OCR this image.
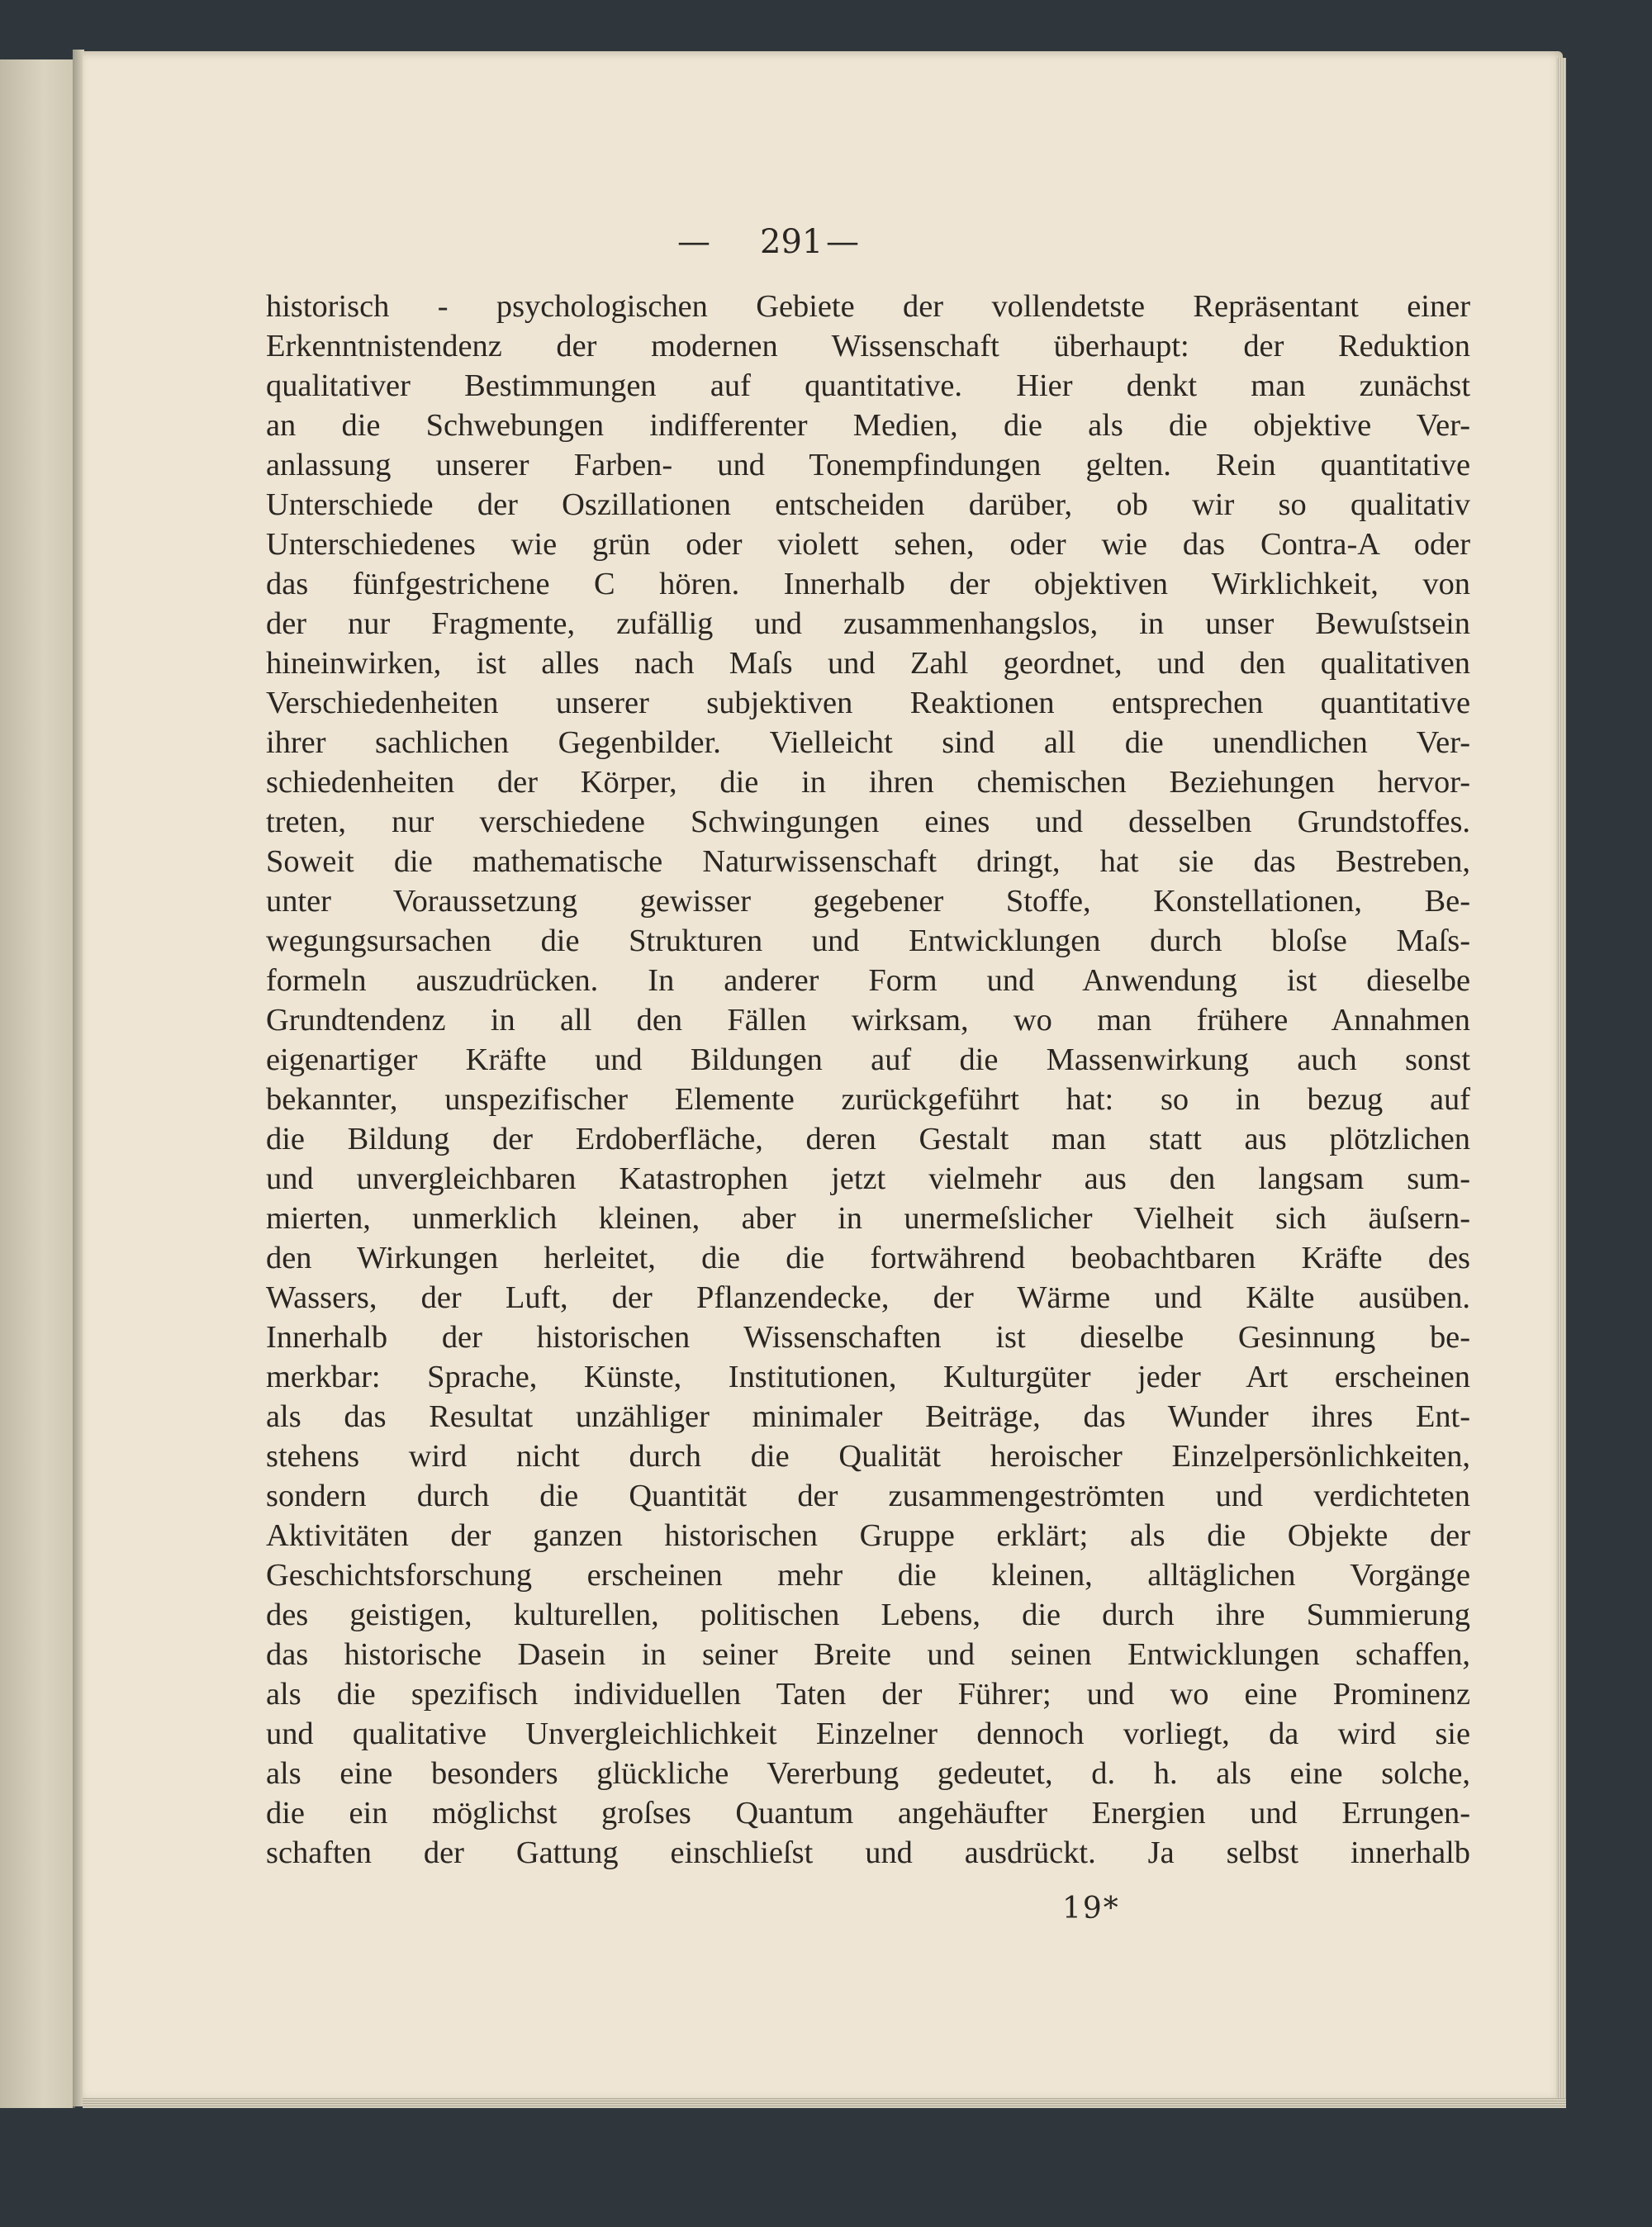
— 291 —
historisch - psychologischen Gebiete der vollendetste Repräsentant einer
Erkenntnistendenz der modernen Wissenschaft überhaupt: der Reduktion
qualitativer Bestimmungen auf quantitative. Hier denkt man zunächst
an die Schwebungen indifferenter Medien, die als die objektive Ver-
anlassung unserer Farben- und Tonempfindungen gelten. Rein quantitative
Unterschiede der Oszillationen entscheiden darüber, ob wir so qualitativ
Unterschiedenes wie grün oder violett sehen, oder wie das Contra-A oder
das fünfgestrichene C hören. Innerhalb der objektiven Wirklichkeit, von
der nur Fragmente, zufällig und zusammenhangslos, in unser Bewuſstsein
hineinwirken, ist alles nach Maſs und Zahl geordnet, und den qualitativen
Verschiedenheiten unserer subjektiven Reaktionen entsprechen quantitative
ihrer sachlichen Gegenbilder. Vielleicht sind all die unendlichen Ver-
schiedenheiten der Körper, die in ihren chemischen Beziehungen hervor-
treten, nur verschiedene Schwingungen eines und desselben Grundstoffes.
Soweit die mathematische Naturwissenschaft dringt, hat sie das Bestreben,
unter Voraussetzung gewisser gegebener Stoffe, Konstellationen, Be-
wegungsursachen die Strukturen und Entwicklungen durch bloſse Maſs-
formeln auszudrücken. In anderer Form und Anwendung ist dieselbe
Grundtendenz in all den Fällen wirksam, wo man frühere Annahmen
eigenartiger Kräfte und Bildungen auf die Massenwirkung auch sonst
bekannter, unspezifischer Elemente zurückgeführt hat: so in bezug auf
die Bildung der Erdoberfläche, deren Gestalt man statt aus plötzlichen
und unvergleichbaren Katastrophen jetzt vielmehr aus den langsam sum-
mierten, unmerklich kleinen, aber in unermeſslicher Vielheit sich äuſsern-
den Wirkungen herleitet, die die fortwährend beobachtbaren Kräfte des
Wassers, der Luft, der Pflanzendecke, der Wärme und Kälte ausüben.
Innerhalb der historischen Wissenschaften ist dieselbe Gesinnung be-
merkbar: Sprache, Künste, Institutionen, Kulturgüter jeder Art erscheinen
als das Resultat unzähliger minimaler Beiträge, das Wunder ihres Ent-
stehens wird nicht durch die Qualität heroischer Einzelpersönlichkeiten,
sondern durch die Quantität der zusammengeströmten und verdichteten
Aktivitäten der ganzen historischen Gruppe erklärt; als die Objekte der
Geschichtsforschung erscheinen mehr die kleinen, alltäglichen Vorgänge
des geistigen, kulturellen, politischen Lebens, die durch ihre Summierung
das historische Dasein in seiner Breite und seinen Entwicklungen schaffen,
als die spezifisch individuellen Taten der Führer; und wo eine Prominenz
und qualitative Unvergleichlichkeit Einzelner dennoch vorliegt, da wird sie
als eine besonders glückliche Vererbung gedeutet, d. h. als eine solche,
die ein möglichst groſses Quantum angehäufter Energien und Errungen-
schaften der Gattung einschlieſst und ausdrückt. Ja selbst innerhalb
19*
